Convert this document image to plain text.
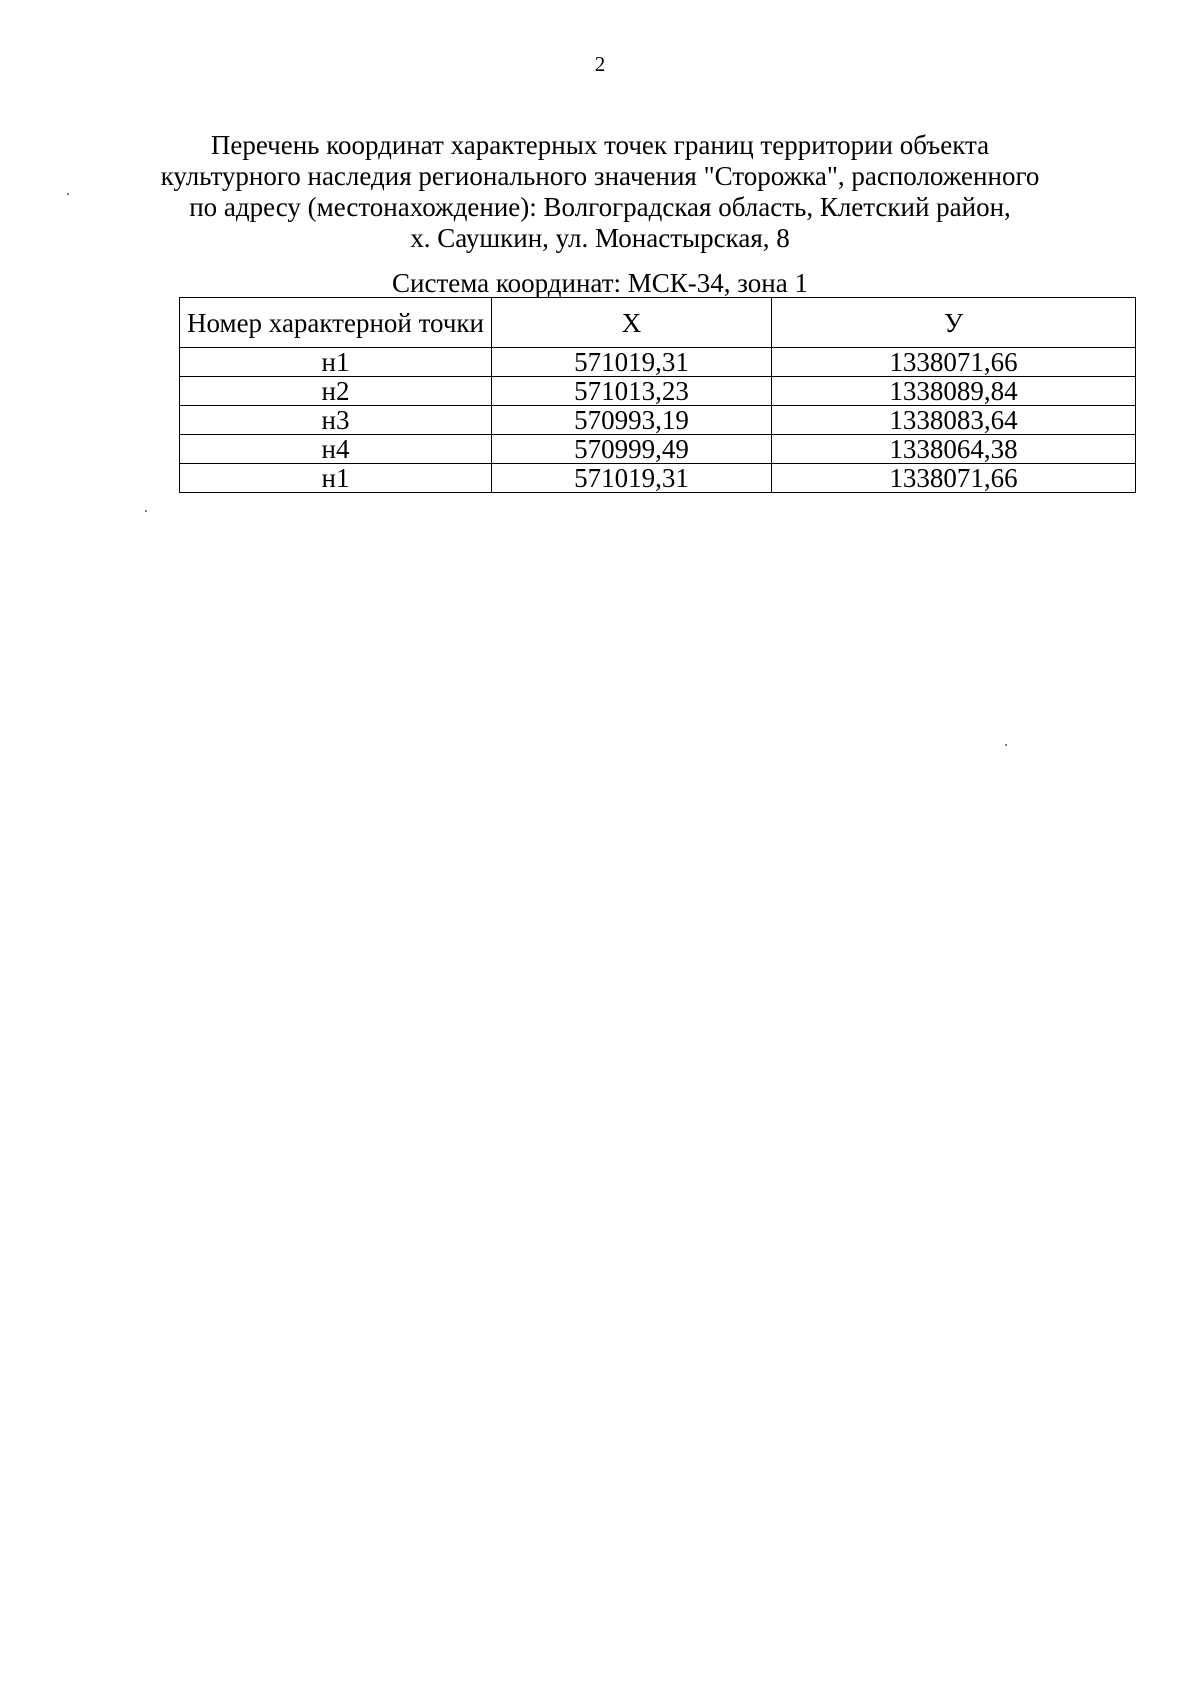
2
Перечень координат характерных точек границ территории объекта
культурного наследия регионального значения "Сторожка", расположенного
по адресу (местонахождение): Волгоградская область, Клетский район,
х. Саушкин, ул. Монастырская, 8
Система координат: МСК-34, зона 1
Номер характерной точки	Х	У
н1	571019,31	1338071,66
н2	571013,23	1338089,84
н3	570993,19	1338083,64
н4	570999,49	1338064,38
н1	571019,31	1338071,66
